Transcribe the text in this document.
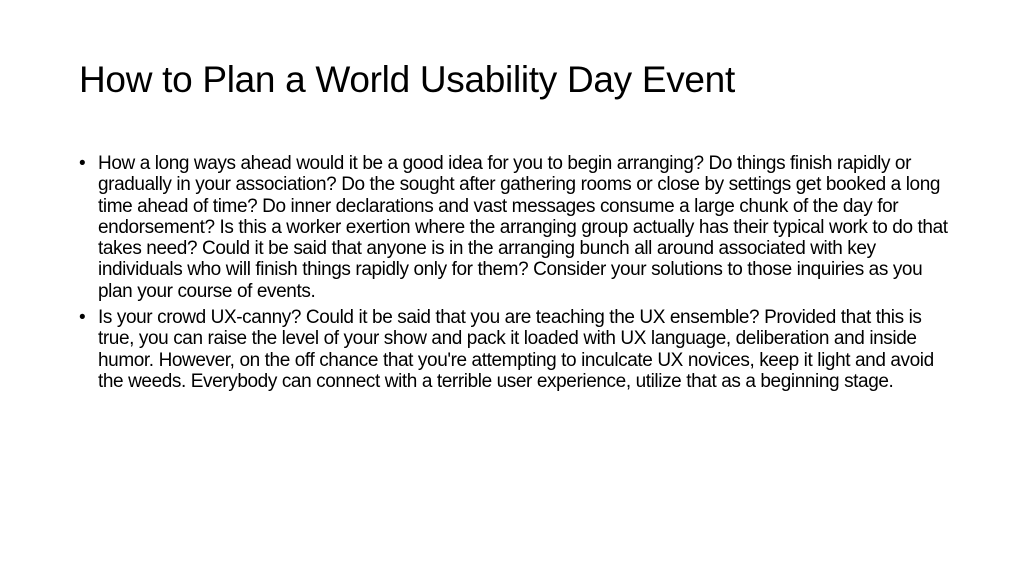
How to Plan a World Usability Day Event
• How a long ways ahead would it be a good idea for you to begin arranging? Do things finish rapidly or gradually in your association? Do the sought after gathering rooms or close by settings get booked a long time ahead of time? Do inner declarations and vast messages consume a large chunk of the day for endorsement? Is this a worker exertion where the arranging group actually has their typical work to do that takes need? Could it be said that anyone is in the arranging bunch all around associated with key individuals who will finish things rapidly only for them? Consider your solutions to those inquiries as you plan your course of events.
• Is your crowd UX-canny? Could it be said that you are teaching the UX ensemble? Provided that this is true, you can raise the level of your show and pack it loaded with UX language, deliberation and inside humor. However, on the off chance that you're attempting to inculcate UX novices, keep it light and avoid the weeds. Everybody can connect with a terrible user experience, utilize that as a beginning stage.
